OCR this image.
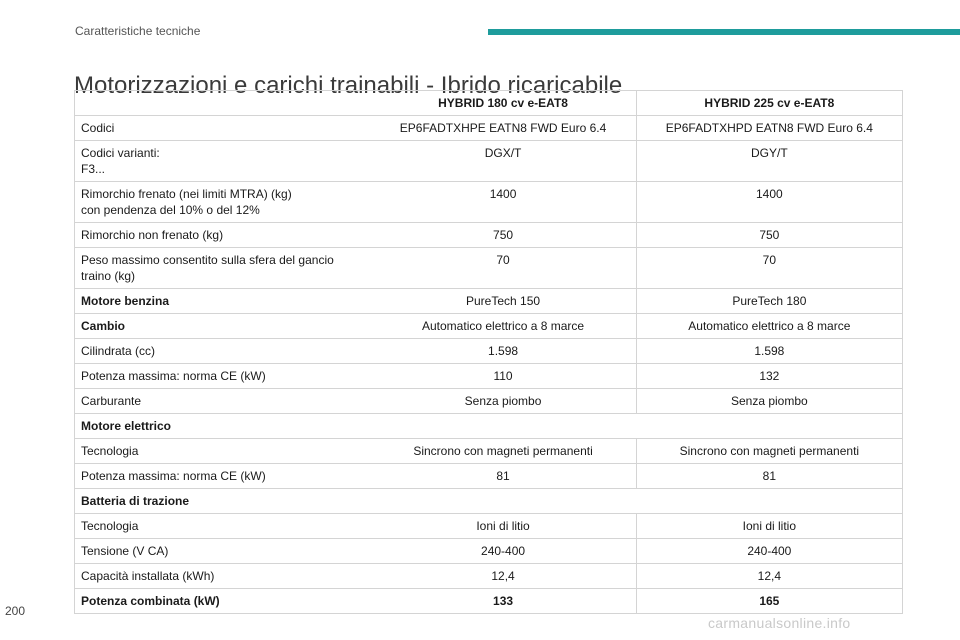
Caratteristiche tecniche
Motorizzazioni e carichi trainabili - Ibrido ricaricabile
	HYBRID 180 cv e-EAT8	HYBRID 225 cv e-EAT8
Codici	EP6FADTXHPE EATN8 FWD Euro 6.4	EP6FADTXHPD EATN8 FWD Euro 6.4
Codici varianti:
F3...	DGX/T	DGY/T
Rimorchio frenato (nei limiti MTRA) (kg)
con pendenza del 10% o del 12%	1400	1400
Rimorchio non frenato (kg)	750	750
Peso massimo consentito sulla sfera del gancio
traino (kg)	70	70
Motore benzina	PureTech 150	PureTech 180
Cambio	Automatico elettrico a 8 marce	Automatico elettrico a 8 marce
Cilindrata (cc)	1.598	1.598
Potenza massima: norma CE (kW)	110	132
Carburante	Senza piombo	Senza piombo
Motore elettrico		
Tecnologia	Sincrono con magneti permanenti	Sincrono con magneti permanenti
Potenza massima: norma CE (kW)	81	81
Batteria di trazione		
Tecnologia	Ioni di litio	Ioni di litio
Tensione (V CA)	240-400	240-400
Capacità installata (kWh)	12,4	12,4
Potenza combinata (kW)	133	165
200
carmanualsonline.info
